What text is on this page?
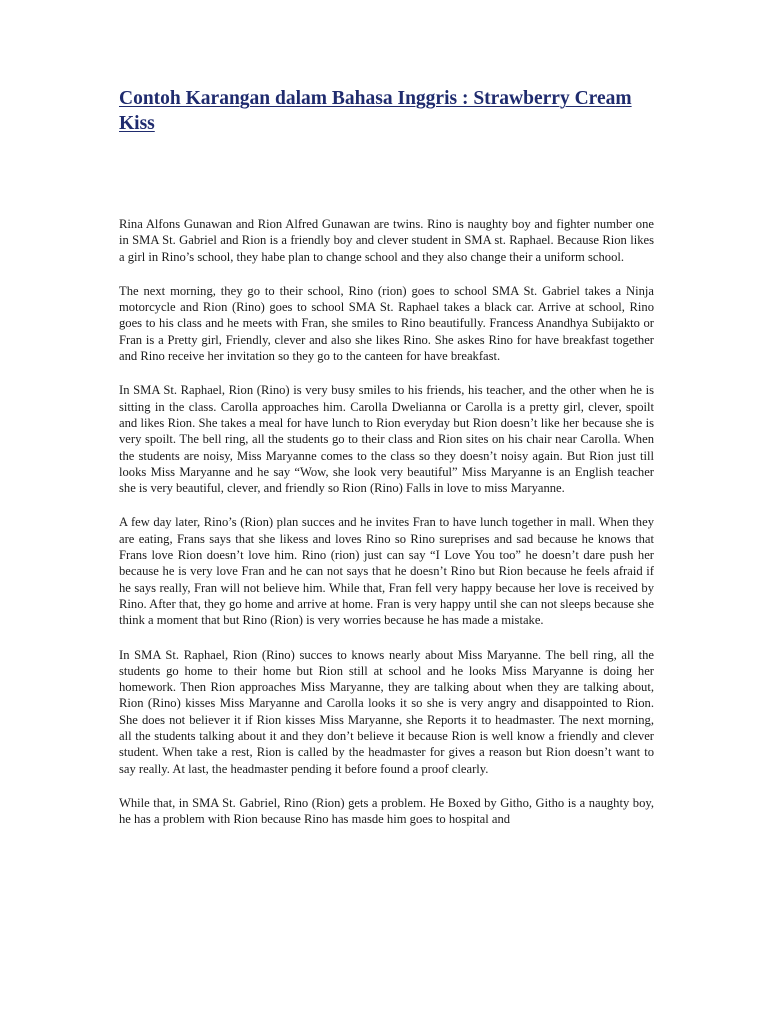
Contoh Karangan dalam Bahasa Inggris : Strawberry Cream Kiss

Rina Alfons Gunawan and Rion Alfred Gunawan are twins. Rino is naughty boy and fighter number one in SMA St. Gabriel and Rion is a friendly boy and clever student in SMA st. Raphael. Because Rion likes a girl in Rino’s school, they habe plan to change school and they also change their a uniform school.

The next morning, they go to their school, Rino (rion) goes to school SMA St. Gabriel takes a Ninja motorcycle and Rion (Rino) goes to school SMA St. Raphael takes a black car. Arrive at school, Rino goes to his class and he meets with Fran, she smiles to Rino beautifully. Francess Anandhya Subijakto or Fran is a Pretty girl, Friendly, clever and also she likes Rino. She askes Rino for have breakfast together and Rino receive her invitation so they go to the canteen for have breakfast.

In SMA St. Raphael, Rion (Rino) is very busy smiles to his friends, his teacher, and the other when he is sitting in the class. Carolla approaches him. Carolla Dwelianna or Carolla is a pretty girl, clever, spoilt and likes Rion. She takes a meal for have lunch to Rion everyday but Rion doesn’t like her because she is very spoilt. The bell ring, all the students go to their class and Rion sites on his chair near Carolla. When the students are noisy, Miss Maryanne comes to the class so they doesn’t noisy again. But Rion just till looks Miss Maryanne and he say “Wow, she look very beautiful” Miss Maryanne is an English teacher she is very beautiful, clever, and friendly so Rion (Rino) Falls in love to miss Maryanne.

A few day later, Rino’s (Rion) plan succes and he invites Fran to have lunch together in mall. When they are eating, Frans says that she likess and loves Rino so Rino sureprises and sad because he knows that Frans love Rion doesn’t love him. Rino (rion) just can say “I Love You too” he doesn’t dare push her because he is very love Fran and he can not says that he doesn’t Rino but Rion because he feels afraid if he says really, Fran will not believe him. While that, Fran fell very happy because her love is received by Rino. After that, they go home and arrive at home. Fran is very happy until she can not sleeps because she think a moment that but Rino (Rion) is very worries because he has made a mistake.

In SMA St. Raphael, Rion (Rino) succes to knows nearly about Miss Maryanne. The bell ring, all the students go home to their home but Rion still at school and he looks Miss Maryanne is doing her homework. Then Rion approaches Miss Maryanne, they are talking about when they are talking about, Rion (Rino) kisses Miss Maryanne and Carolla looks it so she is very angry and disappointed to Rion. She does not believer it if Rion kisses Miss Maryanne, she Reports it to headmaster. The next morning, all the students talking about it and they don’t believe it because Rion is well know a friendly and clever student. When take a rest, Rion is called by the headmaster for gives a reason but Rion doesn’t want to say really. At last, the headmaster pending it before found a proof clearly.

While that, in SMA St. Gabriel, Rino (Rion) gets a problem. He Boxed by Githo, Githo is a naughty boy, he has a problem with Rion because Rino has masde him goes to hospital and
